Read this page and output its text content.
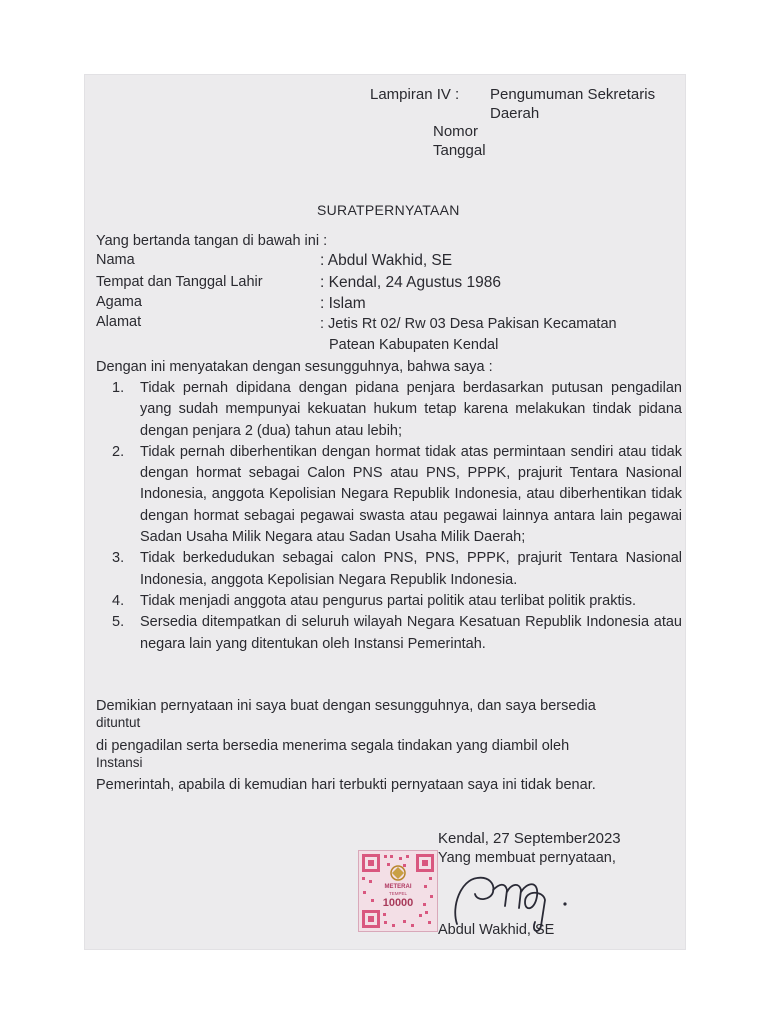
Lampiran IV : Pengumuman Sekretaris
Daerah
Nomor
Tanggal
SURATPERNYATAAN
Yang bertanda tangan di bawah ini :
Nama	: Abdul Wakhid, SE
Tempat dan Tanggal Lahir	: Kendal, 24 Agustus 1986
Agama	: Islam
Alamat	: Jetis Rt 02/ Rw 03 Desa Pakisan Kecamatan
Patean Kabupaten Kendal
Dengan ini menyatakan dengan sesungguhnya, bahwa saya :
1. Tidak pernah dipidana dengan pidana penjara berdasarkan putusan pengadilan yang sudah mempunyai kekuatan hukum tetap karena melakukan tindak pidana dengan penjara 2 (dua) tahun atau lebih;
2. Tidak pernah diberhentikan dengan hormat tidak atas permintaan sendiri atau tidak dengan hormat sebagai Calon PNS atau PNS, PPPK, prajurit Tentara Nasional Indonesia, anggota Kepolisian Negara Republik Indonesia, atau diberhentikan tidak dengan hormat sebagai pegawai swasta atau pegawai lainnya antara lain pegawai Sadan Usaha Milik Negara atau Sadan Usaha Milik Daerah;
3. Tidak berkedudukan sebagai calon PNS, PNS, PPPK, prajurit Tentara Nasional Indonesia, anggota Kepolisian Negara Republik Indonesia.
4. Tidak menjadi anggota atau pengurus partai politik atau terlibat politik praktis.
5. Sersedia ditempatkan di seluruh wilayah Negara Kesatuan Republik Indonesia atau negara lain yang ditentukan oleh Instansi Pemerintah.
Demikian pernyataan ini saya buat dengan sesungguhnya, dan saya bersedia
dituntut
di pengadilan serta bersedia menerima segala tindakan yang diambil oleh
Instansi
Pemerintah, apabila di kemudian hari terbukti pernyataan saya ini tidak benar.
Kendal, 27 September2023
Yang membuat pernyataan,
METERAI
TEMPEL
10000
Abdul Wakhid, SE
